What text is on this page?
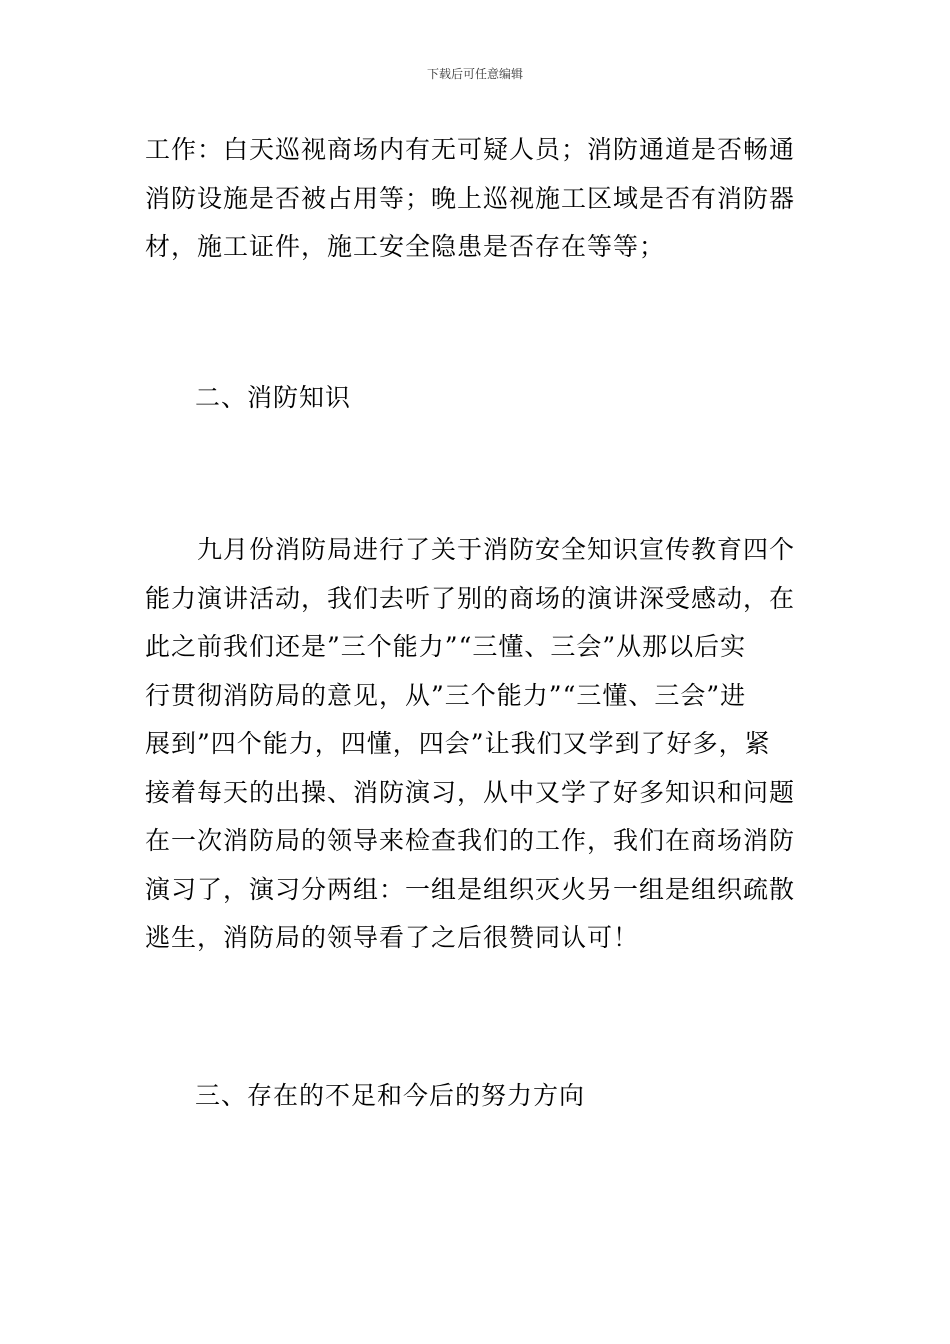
下载后可任意编辑
工作：白天巡视商场内有无可疑人员；消防通道是否畅通
消防设施是否被占用等；晚上巡视施工区域是否有消防器
材，施工证件，施工安全隐患是否存在等等；
二、消防知识
　　九月份消防局进行了关于消防安全知识宣传教育四个
能力演讲活动，我们去听了别的商场的演讲深受感动，在
此之前我们还是”三个能力”“三懂、三会”从那以后实
行贯彻消防局的意见，从”三个能力”“三懂、三会”进
展到”四个能力，四懂，四会”让我们又学到了好多，紧
接着每天的出操、消防演习，从中又学了好多知识和问题
在一次消防局的领导来检查我们的工作，我们在商场消防
演习了，演习分两组：一组是组织灭火另一组是组织疏散
逃生，消防局的领导看了之后很赞同认可！
三、存在的不足和今后的努力方向
